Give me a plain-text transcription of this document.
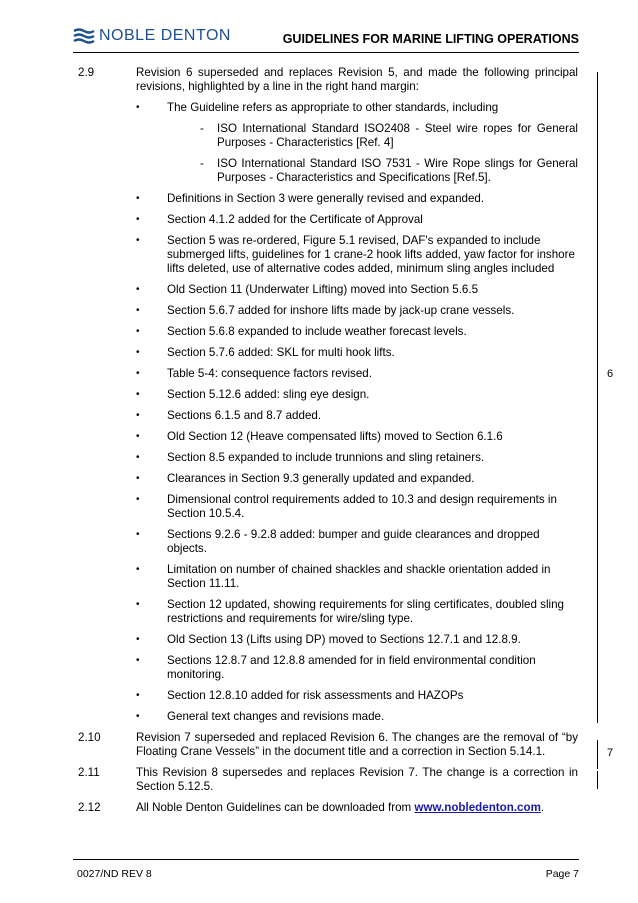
NOBLE DENTON	GUIDELINES FOR MARINE LIFTING OPERATIONS
2.9	Revision 6 superseded and replaces Revision 5, and made the following principal revisions, highlighted by a line in the right hand margin:
• The Guideline refers as appropriate to other standards, including
- ISO International Standard ISO2408 - Steel wire ropes for General Purposes - Characteristics [Ref. 4]
- ISO International Standard ISO 7531 - Wire Rope slings for General Purposes - Characteristics and Specifications [Ref.5].
• Definitions in Section 3 were generally revised and expanded.
• Section 4.1.2 added for the Certificate of Approval
• Section 5 was re-ordered, Figure 5.1 revised, DAF's expanded to include submerged lifts, guidelines for 1 crane-2 hook lifts added, yaw factor for inshore lifts deleted, use of alternative codes added, minimum sling angles included
• Old Section 11 (Underwater Lifting) moved into Section 5.6.5
• Section 5.6.7 added for inshore lifts made by jack-up crane vessels.
• Section 5.6.8 expanded to include weather forecast levels.
• Section 5.7.6 added: SKL for multi hook lifts.
• Table 5-4: consequence factors revised.
• Section 5.12.6 added: sling eye design.
• Sections 6.1.5 and 8.7 added.
• Old Section 12 (Heave compensated lifts) moved to Section 6.1.6
• Section 8.5 expanded to include trunnions and sling retainers.
• Clearances in Section 9.3 generally updated and expanded.
• Dimensional control requirements added to 10.3 and design requirements in Section 10.5.4.
• Sections 9.2.6 - 9.2.8 added: bumper and guide clearances and dropped objects.
• Limitation on number of chained shackles and shackle orientation added in Section 11.11.
• Section 12 updated, showing requirements for sling certificates, doubled sling restrictions and requirements for wire/sling type.
• Old Section 13 (Lifts using DP) moved to Sections 12.7.1 and 12.8.9.
• Sections 12.8.7 and 12.8.8 amended for in field environmental condition monitoring.
• Section 12.8.10 added for risk assessments and HAZOPs
• General text changes and revisions made.
2.10	Revision 7 superseded and replaced Revision 6. The changes are the removal of “by Floating Crane Vessels” in the document title and a correction in Section 5.14.1.
2.11	This Revision 8 supersedes and replaces Revision 7. The change is a correction in Section 5.12.5.
2.12	All Noble Denton Guidelines can be downloaded from www.nobledenton.com.
6
7
0027/ND REV 8	Page 7
